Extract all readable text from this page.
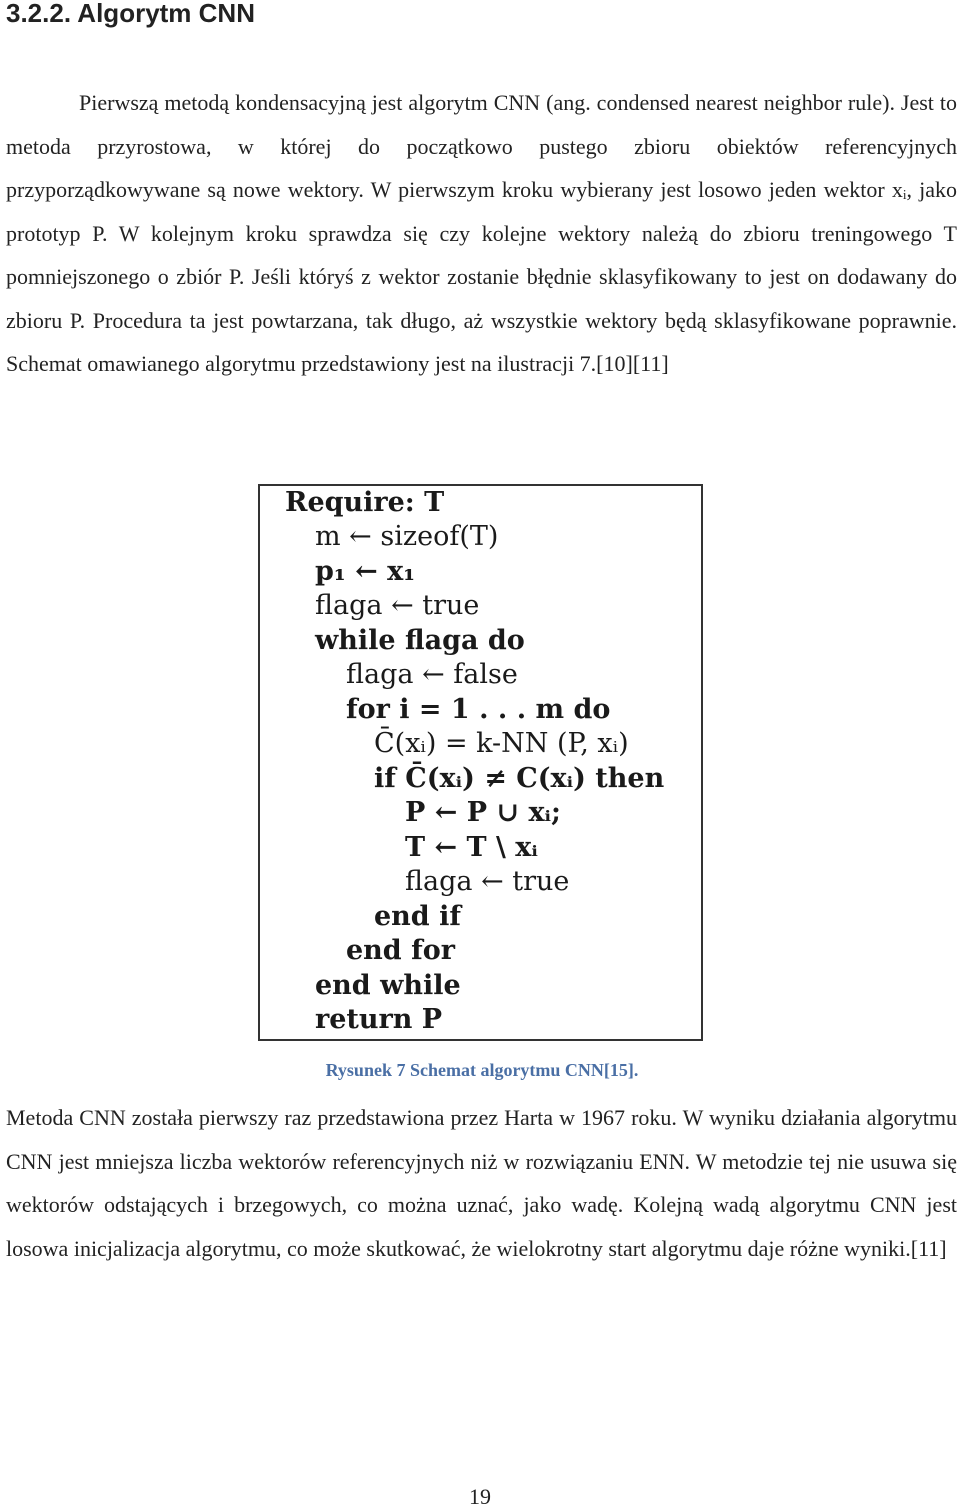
3.2.2. Algorytm CNN
Pierwszą metodą kondensacyjną jest algorytm CNN (ang. condensed nearest neighbor rule). Jest to metoda przyrostowa, w której do początkowo pustego zbioru obiektów referencyjnych przyporządkowywane są nowe wektory. W pierwszym kroku wybierany jest losowo jeden wektor xᵢ, jako prototyp P. W kolejnym kroku sprawdza się czy kolejne wektory należą do zbioru treningowego T pomniejszonego o zbiór P. Jeśli któryś z wektor zostanie błędnie sklasyfikowany to jest on dodawany do zbioru P. Procedura ta jest powtarzana, tak długo, aż wszystkie wektory będą sklasyfikowane poprawnie. Schemat omawianego algorytmu przedstawiony jest na ilustracji 7.[10][11]
Require: T
m ← sizeof(T)
p₁ ← x₁
flaga ← true
while flaga do
flaga ← false
for i = 1 . . . m do
C̄(xᵢ) = k-NN (P, xᵢ)
if C̄(xᵢ) ≠ C(xᵢ) then
P ← P ∪ xᵢ;
T ← T \ xᵢ
flaga ← true
end if
end for
end while
return P
Rysunek 7 Schemat algorytmu CNN[15].
Metoda CNN została pierwszy raz przedstawiona przez Harta w 1967 roku. W wyniku działania algorytmu CNN jest mniejsza liczba wektorów referencyjnych niż w rozwiązaniu ENN. W metodzie tej nie usuwa się wektorów odstających i brzegowych, co można uznać, jako wadę. Kolejną wadą algorytmu CNN jest losowa inicjalizacja algorytmu, co może skutkować, że wielokrotny start algorytmu daje różne wyniki.[11]
19
